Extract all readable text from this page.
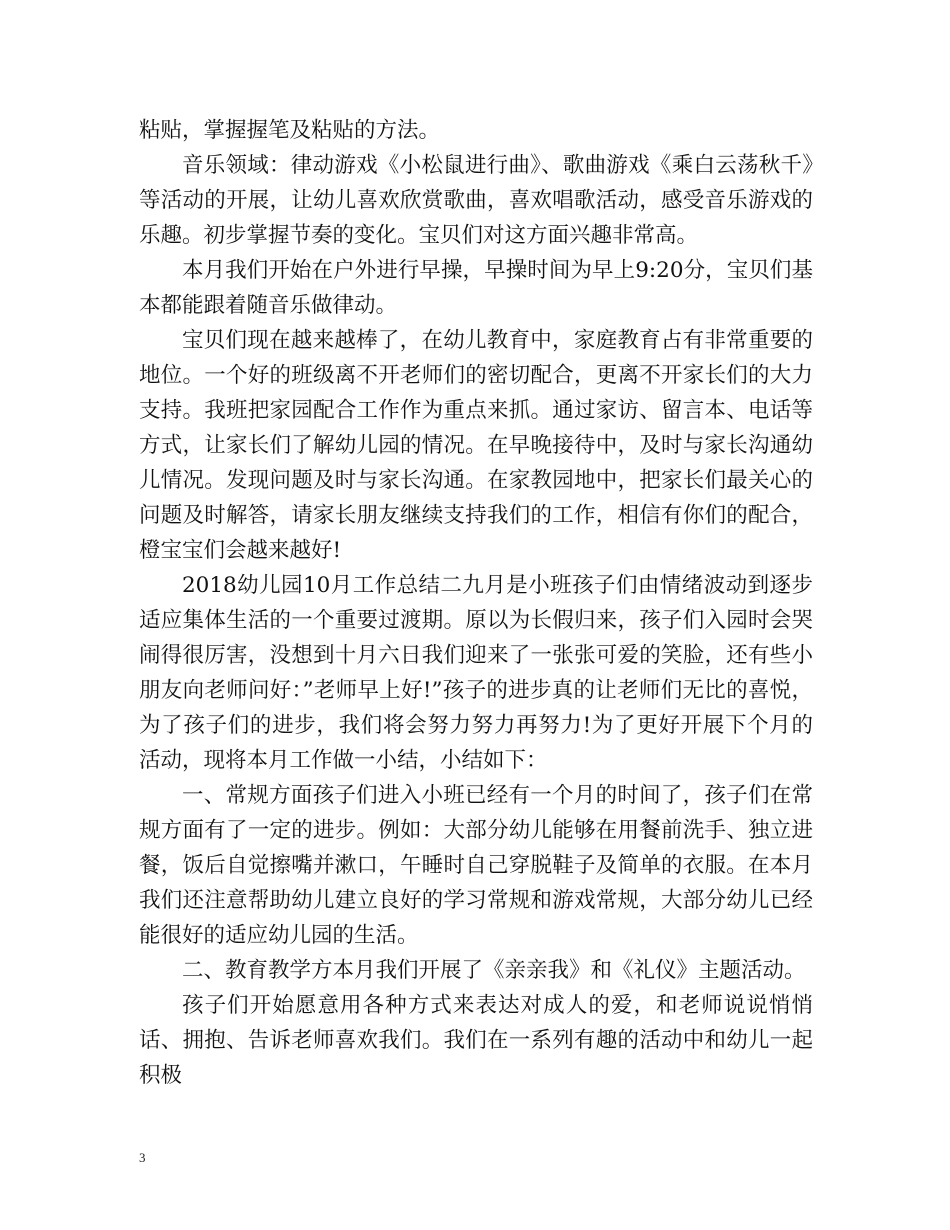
粘贴，掌握握笔及粘贴的方法。

音乐领域：律动游戏《小松鼠进行曲》、歌曲游戏《乘白云荡秋千》等活动的开展，让幼儿喜欢欣赏歌曲，喜欢唱歌活动，感受音乐游戏的乐趣。初步掌握节奏的变化。宝贝们对这方面兴趣非常高。

本月我们开始在户外进行早操，早操时间为早上9:20分，宝贝们基本都能跟着随音乐做律动。

宝贝们现在越来越棒了，在幼儿教育中，家庭教育占有非常重要的地位。一个好的班级离不开老师们的密切配合，更离不开家长们的大力支持。我班把家园配合工作作为重点来抓。通过家访、留言本、电话等方式，让家长们了解幼儿园的情况。在早晚接待中，及时与家长沟通幼儿情况。发现问题及时与家长沟通。在家教园地中，把家长们最关心的问题及时解答，请家长朋友继续支持我们的工作，相信有你们的配合，橙宝宝们会越来越好!

2018幼儿园10月工作总结二九月是小班孩子们由情绪波动到逐步适应集体生活的一个重要过渡期。原以为长假归来，孩子们入园时会哭闹得很厉害，没想到十月六日我们迎来了一张张可爱的笑脸，还有些小朋友向老师问好：”老师早上好!”孩子的进步真的让老师们无比的喜悦，为了孩子们的进步，我们将会努力努力再努力!为了更好开展下个月的活动，现将本月工作做一小结，小结如下：

一、常规方面孩子们进入小班已经有一个月的时间了，孩子们在常规方面有了一定的进步。例如：大部分幼儿能够在用餐前洗手、独立进餐，饭后自觉擦嘴并漱口，午睡时自己穿脱鞋子及简单的衣服。在本月我们还注意帮助幼儿建立良好的学习常规和游戏常规，大部分幼儿已经能很好的适应幼儿园的生活。

二、教育教学方本月我们开展了《亲亲我》和《礼仪》主题活动。

孩子们开始愿意用各种方式来表达对成人的爱，和老师说说悄悄话、拥抱、告诉老师喜欢我们。我们在一系列有趣的活动中和幼儿一起积极

3
